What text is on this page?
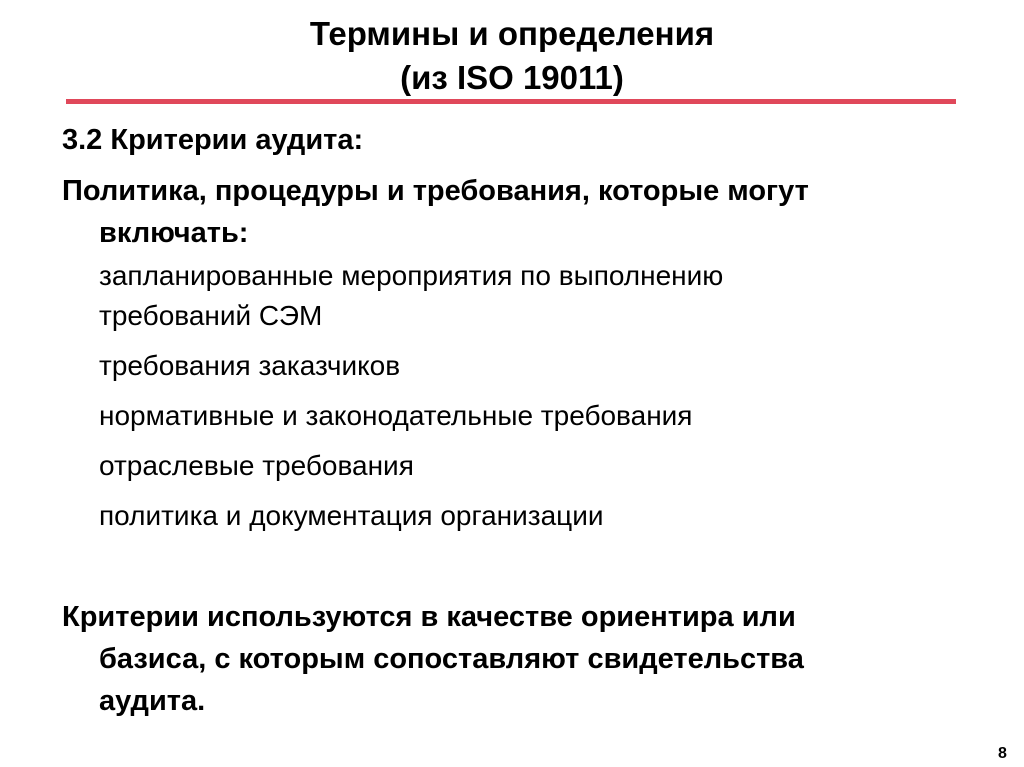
Термины и определения
(из ISO 19011)
3.2 Критерии аудита:
Политика, процедуры и требования, которые могут
включать:
запланированные мероприятия по выполнению
требований СЭМ
требования заказчиков
нормативные и законодательные требования
отраслевые требования
политика и документация организации
Критерии используются в качестве ориентира или
базиса, с которым сопоставляют свидетельства
аудита.
8
